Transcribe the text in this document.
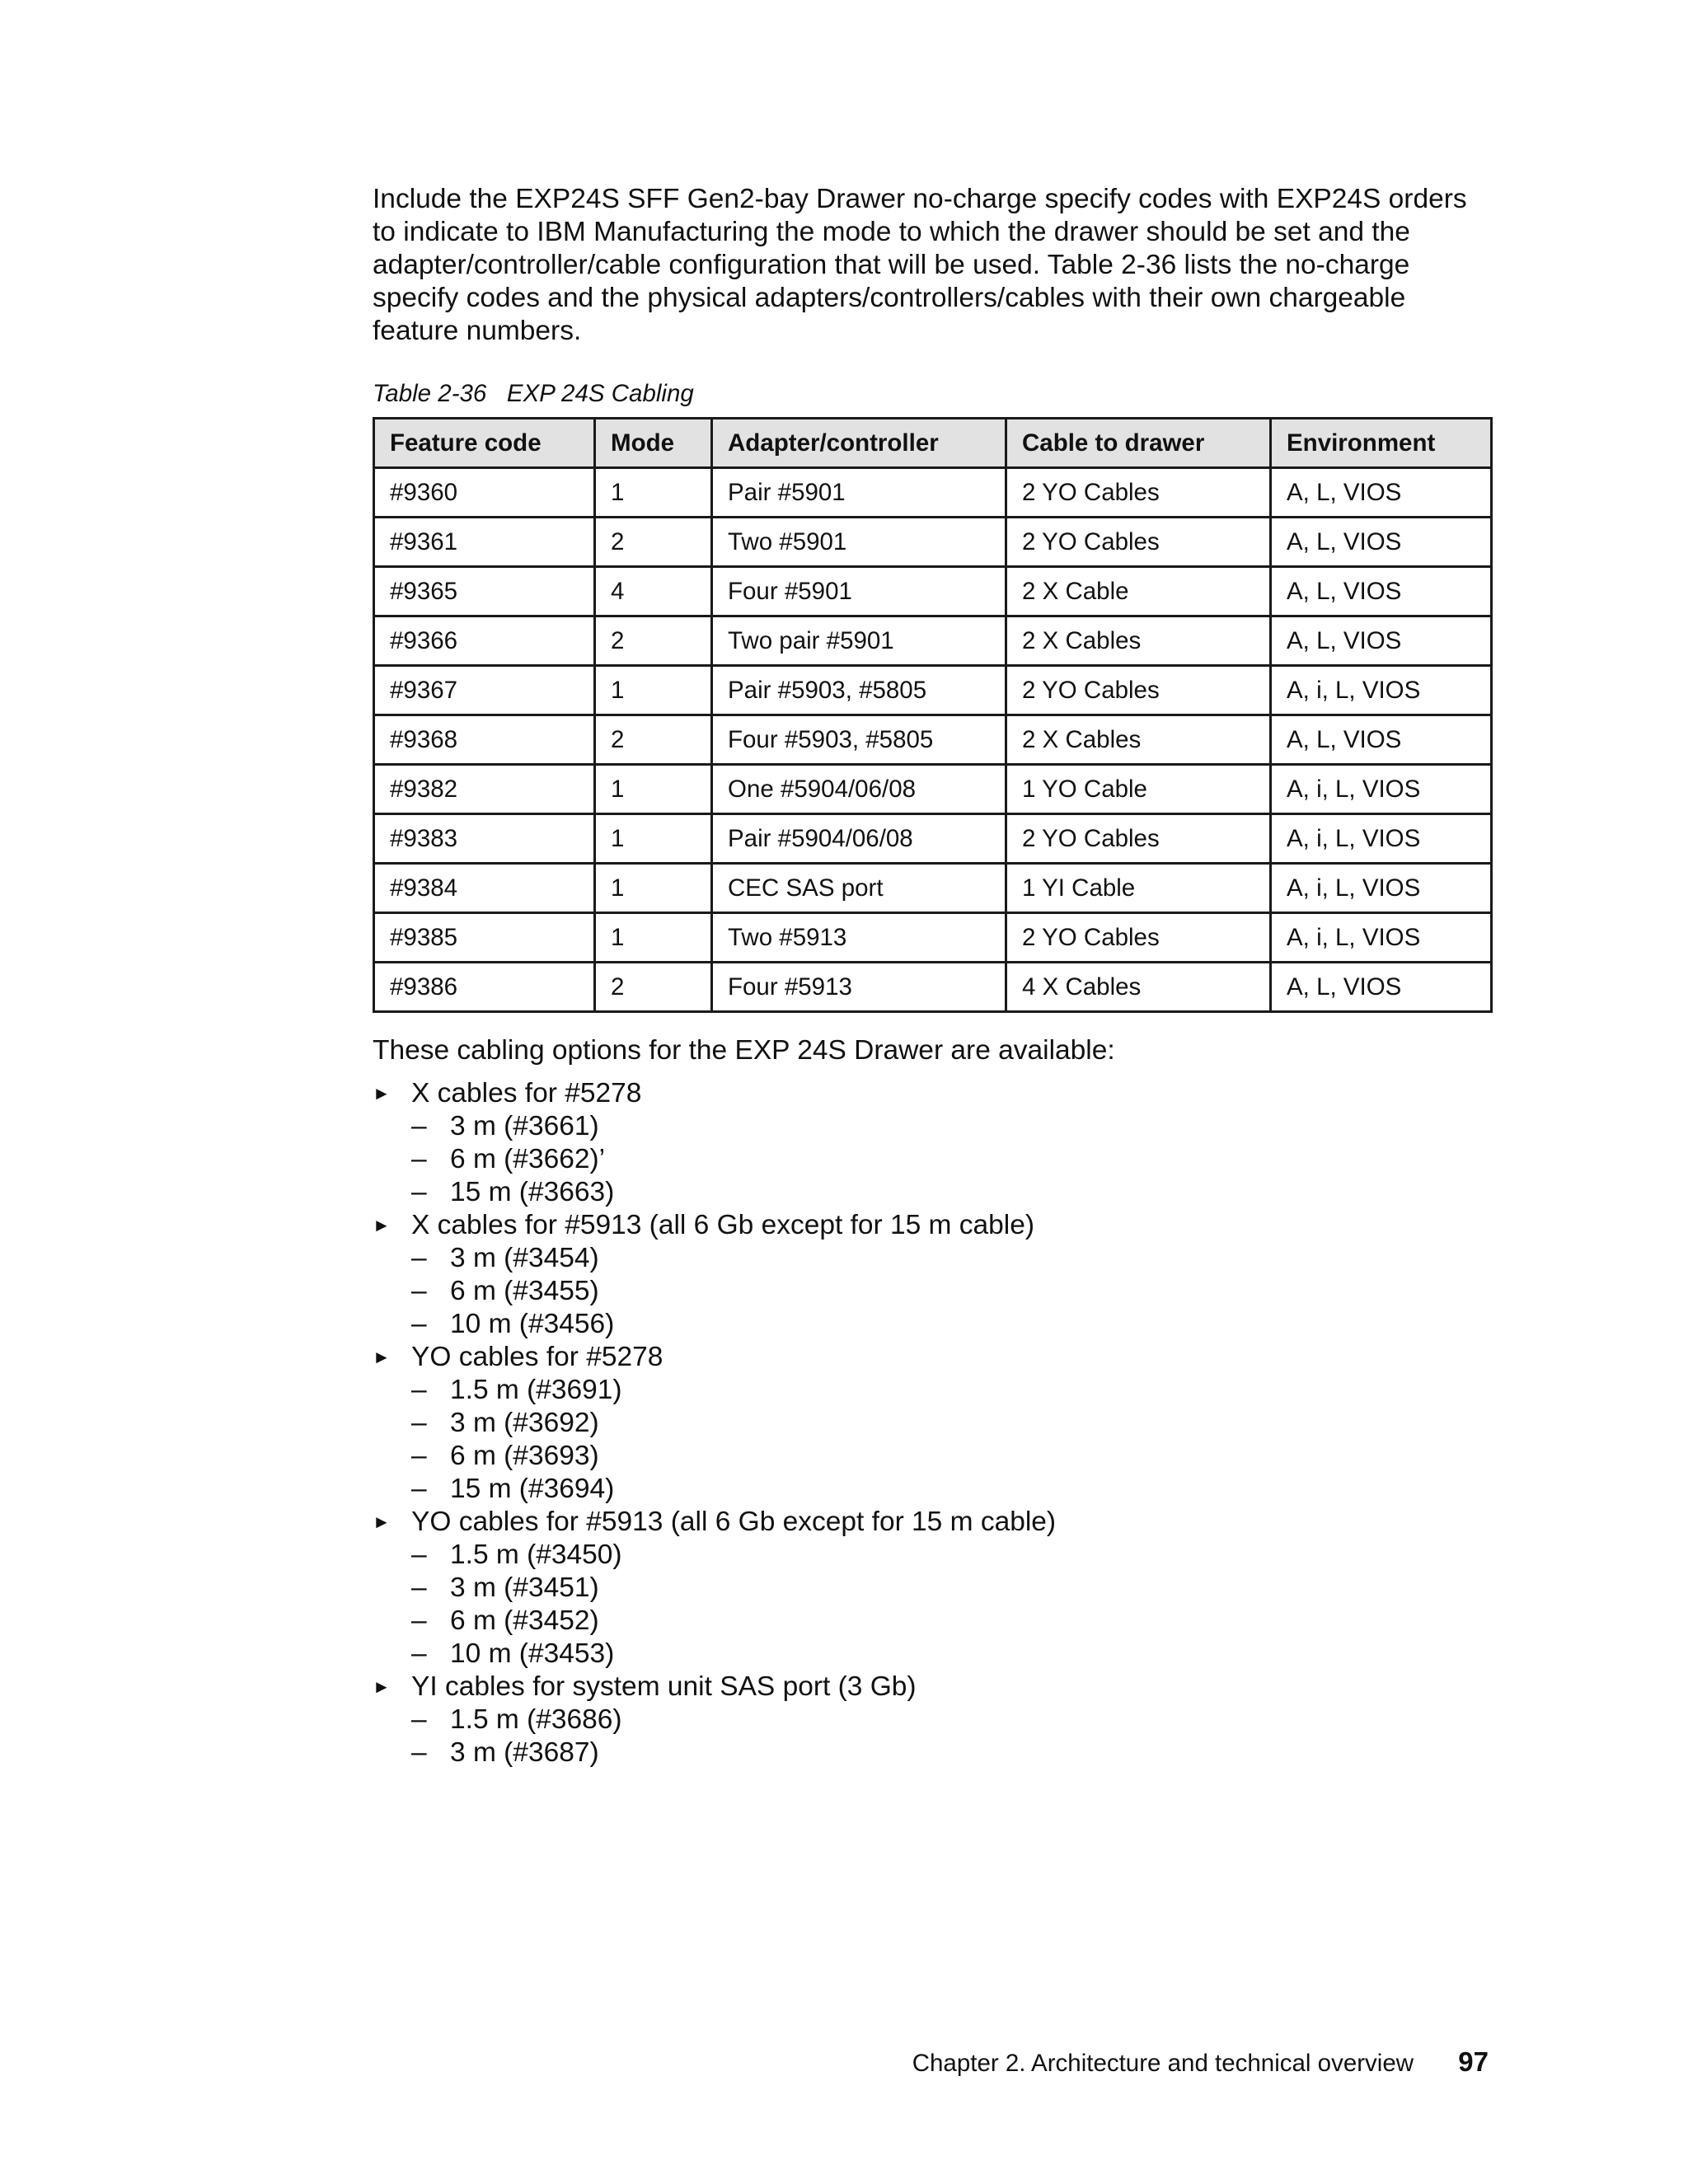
Include the EXP24S SFF Gen2-bay Drawer no-charge specify codes with EXP24S orders to indicate to IBM Manufacturing the mode to which the drawer should be set and the adapter/controller/cable configuration that will be used. Table 2-36 lists the no-charge specify codes and the physical adapters/controllers/cables with their own chargeable feature numbers.

Table 2-36   EXP 24S Cabling
Feature code	Mode	Adapter/controller	Cable to drawer	Environment
#9360	1	Pair #5901	2 YO Cables	A, L, VIOS
#9361	2	Two #5901	2 YO Cables	A, L, VIOS
#9365	4	Four #5901	2 X Cable	A, L, VIOS
#9366	2	Two pair #5901	2 X Cables	A, L, VIOS
#9367	1	Pair #5903, #5805	2 YO Cables	A, i, L, VIOS
#9368	2	Four #5903, #5805	2 X Cables	A, L, VIOS
#9382	1	One #5904/06/08	1 YO Cable	A, i, L, VIOS
#9383	1	Pair #5904/06/08	2 YO Cables	A, i, L, VIOS
#9384	1	CEC SAS port	1 YI Cable	A, i, L, VIOS
#9385	1	Two #5913	2 YO Cables	A, i, L, VIOS
#9386	2	Four #5913	4 X Cables	A, L, VIOS

These cabling options for the EXP 24S Drawer are available:

► X cables for #5278
– 3 m (#3661)
– 6 m (#3662)’
– 15 m (#3663)
► X cables for #5913 (all 6 Gb except for 15 m cable)
– 3 m (#3454)
– 6 m (#3455)
– 10 m (#3456)
► YO cables for #5278
– 1.5 m (#3691)
– 3 m (#3692)
– 6 m (#3693)
– 15 m (#3694)
► YO cables for #5913 (all 6 Gb except for 15 m cable)
– 1.5 m (#3450)
– 3 m (#3451)
– 6 m (#3452)
– 10 m (#3453)
► YI cables for system unit SAS port (3 Gb)
– 1.5 m (#3686)
– 3 m (#3687)
Chapter 2. Architecture and technical overview 97
